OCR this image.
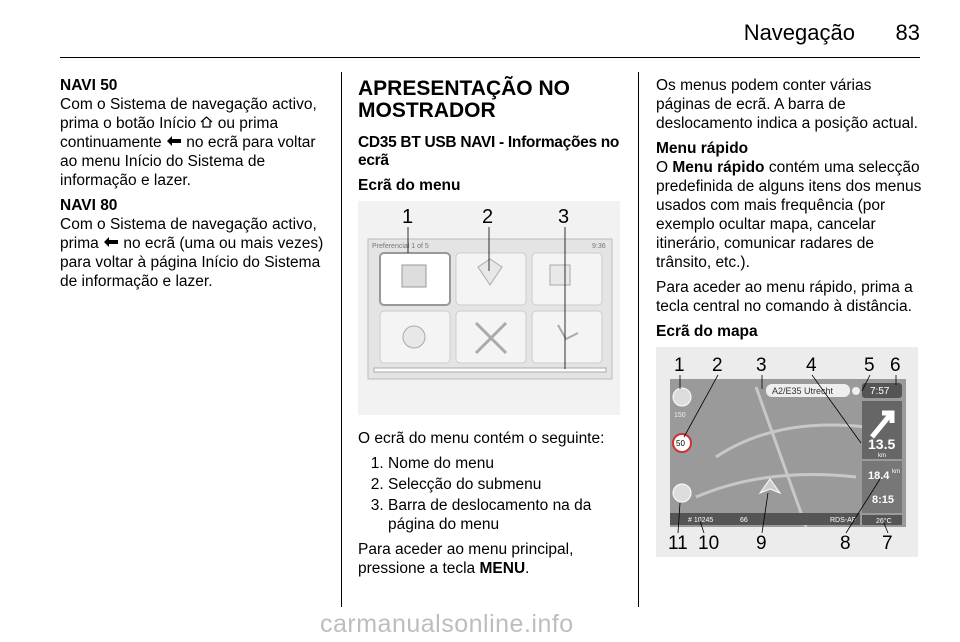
Navegação 83
NAVI 50

Com o Sistema de navegação activo, prima o botão Início  ou prima continuamente  no ecrã para voltar ao menu Início do Sistema de informação e lazer.

NAVI 80

Com o Sistema de navegação activo, prima  no ecrã (uma ou mais vezes) para voltar à página Início do Sistema de informação e lazer.

APRESENTAÇÃO NO MOSTRADOR
CD35 BT USB NAVI - Informações no ecrã
Ecrã do menu
1	2	3
Preferencial 1 of 5	9:36

O ecrã do menu contém o seguinte:

1. Nome do menu
2. Selecção do submenu
3. Barra de deslocamento na da página do menu

Para aceder ao menu principal, pressione a tecla MENU.

Os menus podem conter várias páginas de ecrã. A barra de deslocamento indica a posição actual.

Menu rápido

O Menu rápido contém uma selecção predefinida de alguns itens dos menus usados com mais frequência (por exemplo ocultar mapa, cancelar itinerário, comunicar radares de trânsito, etc.).

Para aceder ao menu rápido, prima a tecla central no comando à distância.

Ecrã do mapa
1 2 3 4 5 6
11 10 9	8 7
A2/E35 Utrecht	7:57
13.5
km
18.4 km
8:15
150
50
# 10245	66	RDS-AF	26°C
carmanualsonline.info
